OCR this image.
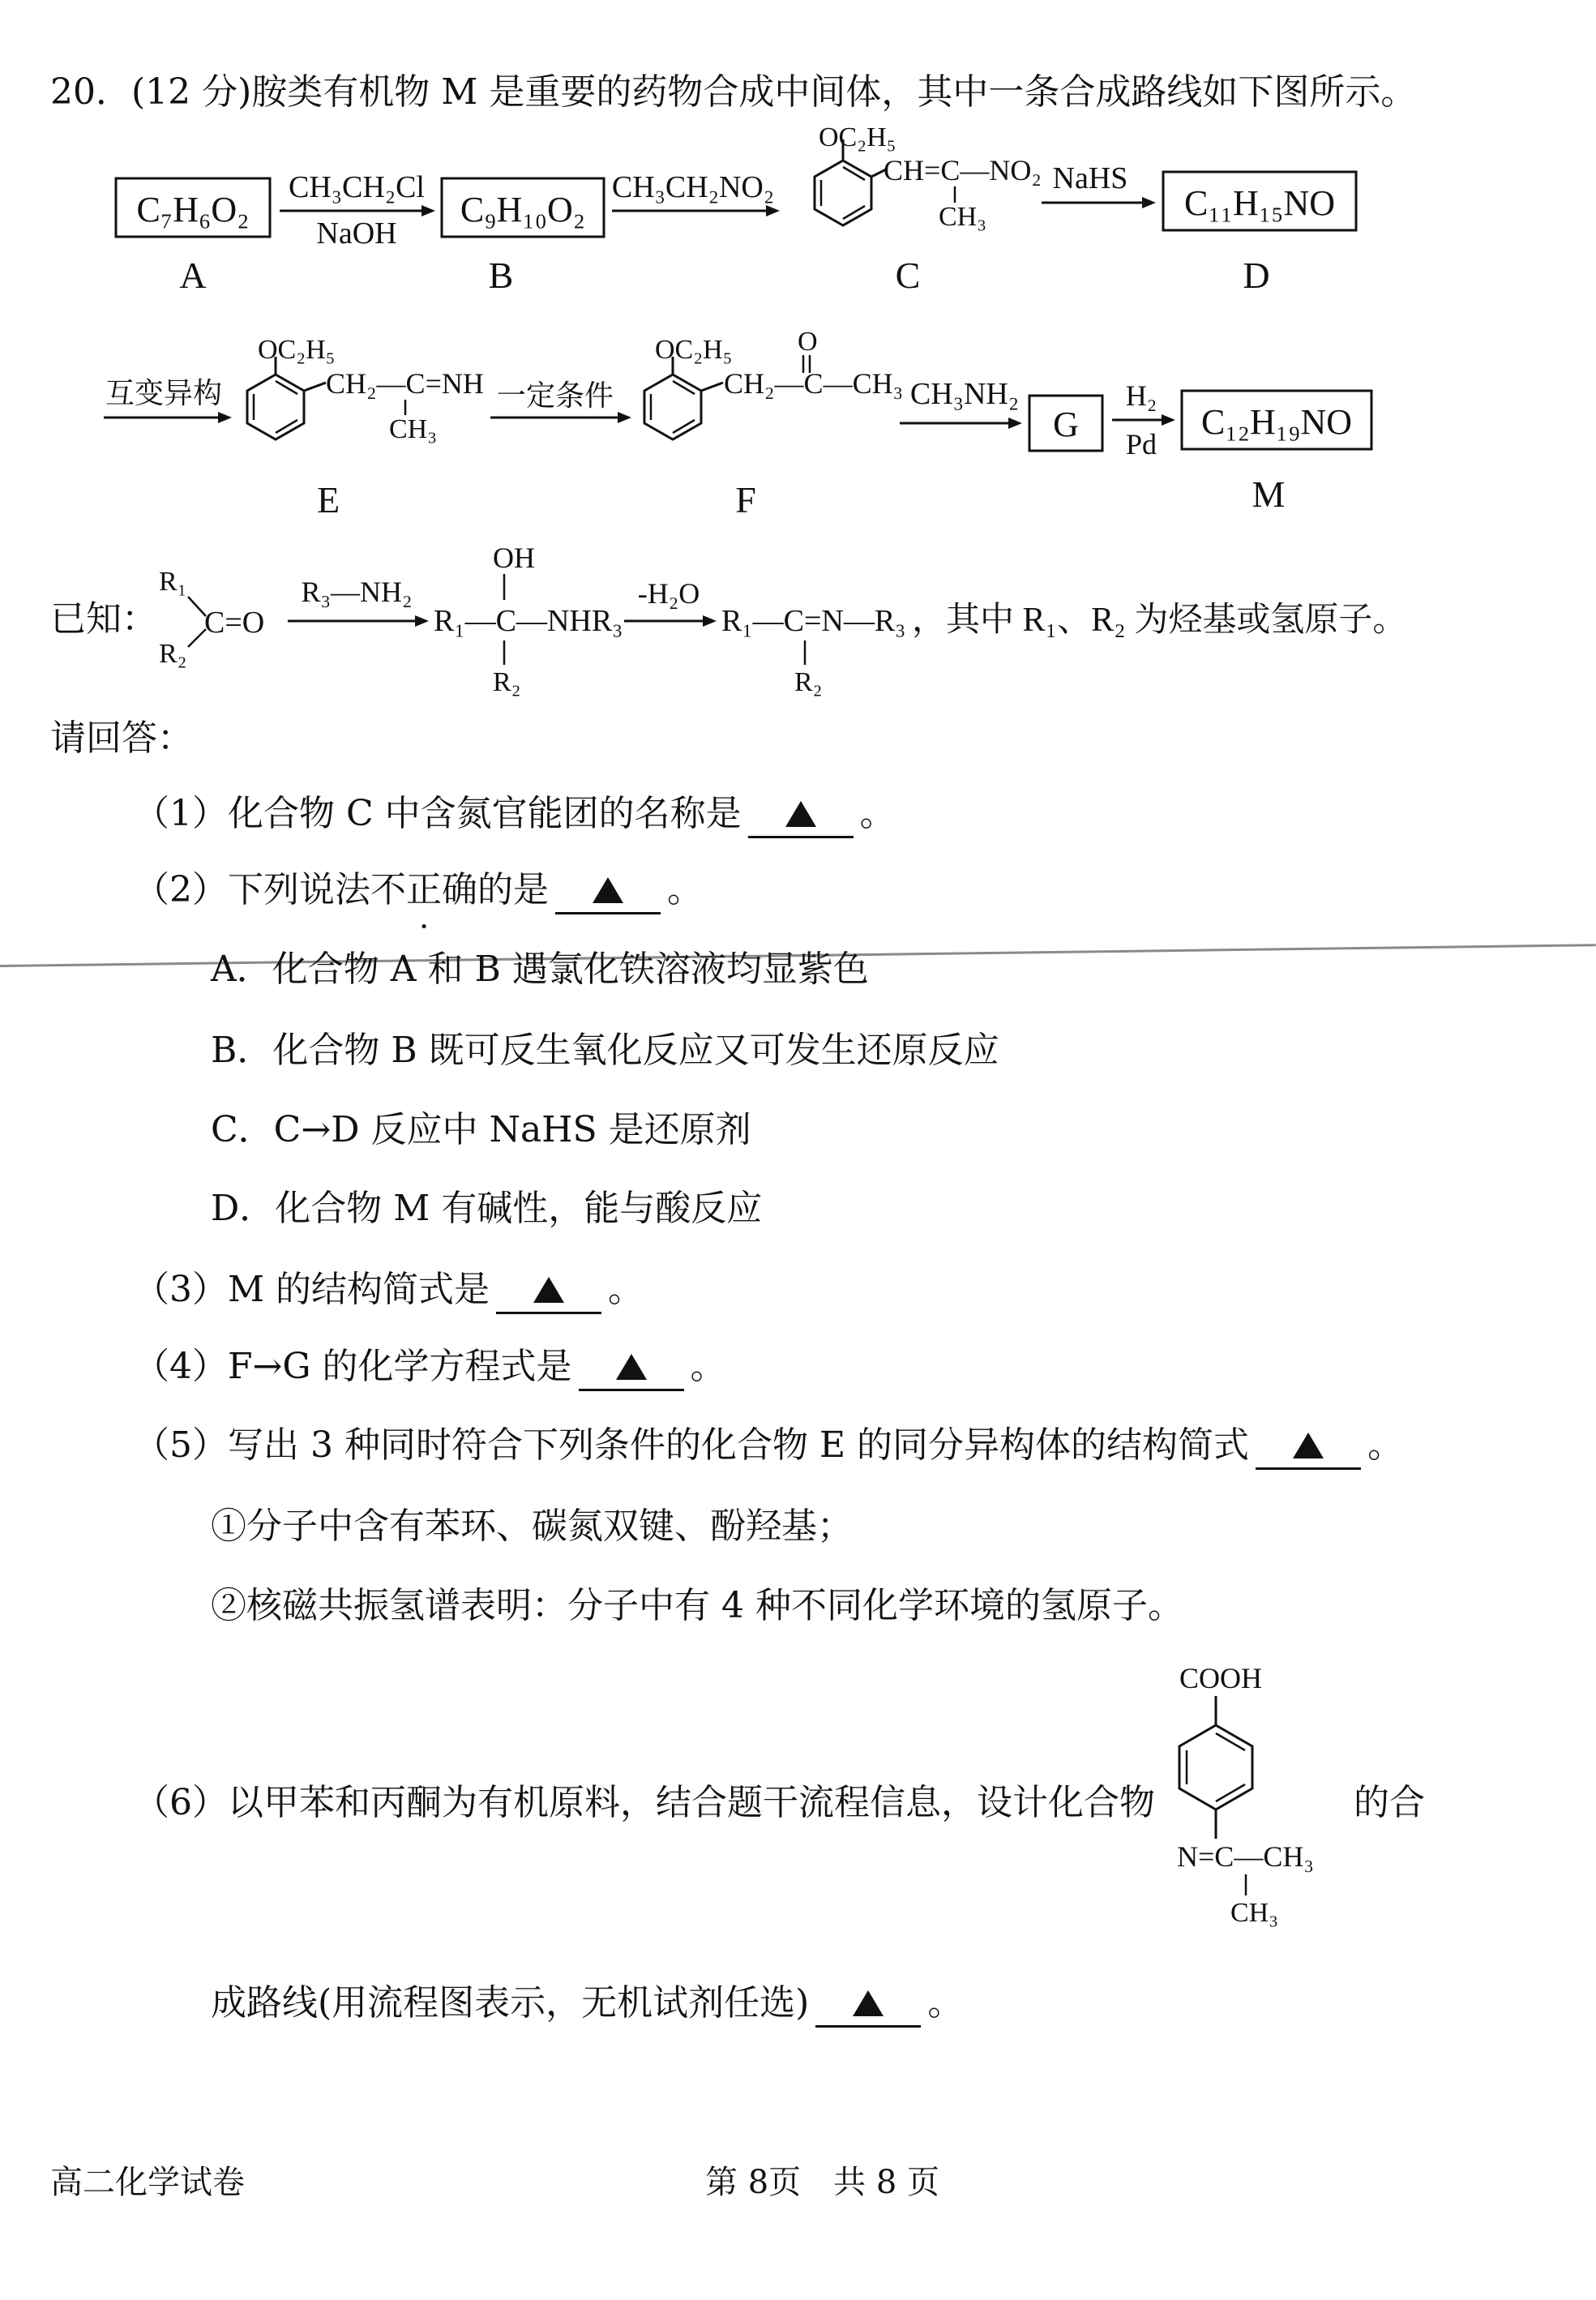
20．(12 分)胺类有机物 M 是重要的药物合成中间体，其中一条合成路线如下图所示。
C₇H₆O₂
A
CH₃CH₂Cl
NaOH
C₉H₁₀O₂
B
CH₃CH₂NO₂
OC₂H₅
CH=C—NO₂
CH₃
C
NaHS
C₁₁H₁₅NO
D
互变异构
OC₂H₅
CH₂—C=NH
CH₃
E
一定条件
OC₂H₅ O
CH₂—C—CH₃
F
CH₃NH₂
G
H₂
Pd
C₁₂H₁₉NO
M
已知：
R₁
R₂
C=O
R₃—NH₂
OH
R₁—C—NHR₃
R₂
-H₂O
R₁—C=N—R₃
R₂
，其中 R₁、R₂ 为烃基或氢原子。
请回答：
（1）化合物 C 中含氮官能团的名称是	。
（2）下列说法不正确的是	。
A．化合物 A 和 B 遇氯化铁溶液均显紫色
B．化合物 B 既可反生氧化反应又可发生还原反应
C．C→D 反应中 NaHS 是还原剂
D．化合物 M 有碱性，能与酸反应
（3）M 的结构简式是	。
（4）F→G 的化学方程式是	。
（5）写出 3 种同时符合下列条件的化合物 E 的同分异构体的结构简式	。
①分子中含有苯环、碳氮双键、酚羟基；
②核磁共振氢谱表明：分子中有 4 种不同化学环境的氢原子。
（6）以甲苯和丙酮为有机原料，结合题干流程信息，设计化合物
COOH
N=C—CH₃
CH₃
的合
成路线(用流程图表示，无机试剂任选)	。
高二化学试卷	第 8页　共 8 页
